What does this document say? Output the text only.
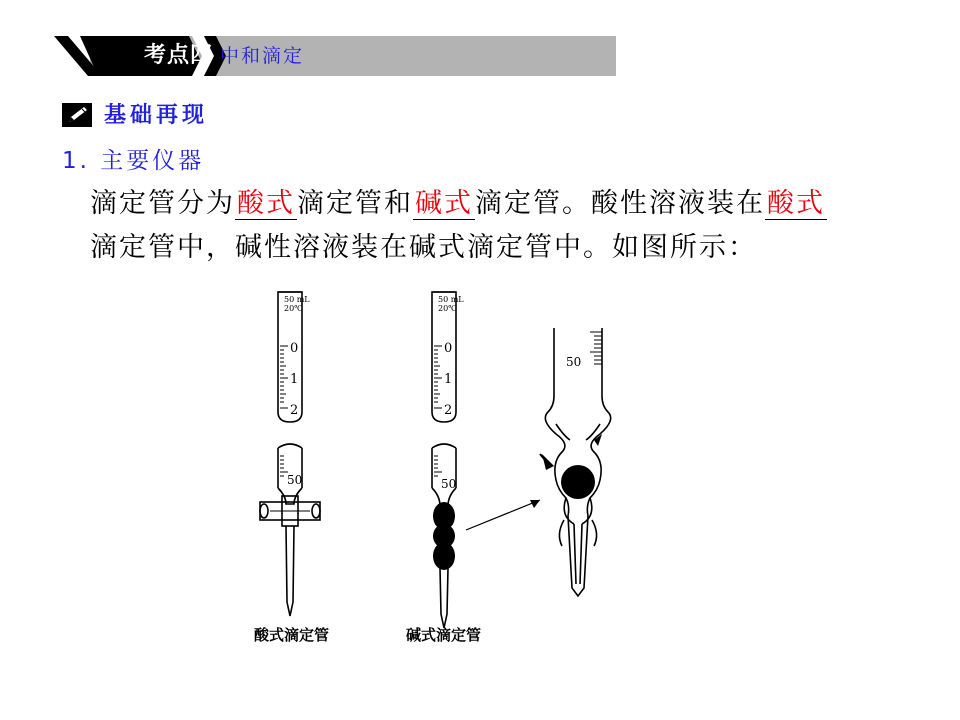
考点四 中和滴定
基础再现
1. 主要仪器
滴定管分为酸式滴定管和碱式滴定管。酸性溶液装在酸式
滴定管中，碱性溶液装在碱式滴定管中。如图所示：
50 mL
20℃
0
1
2
50
50 mL
20℃
0
1
2
50
50
酸式滴定管	碱式滴定管
